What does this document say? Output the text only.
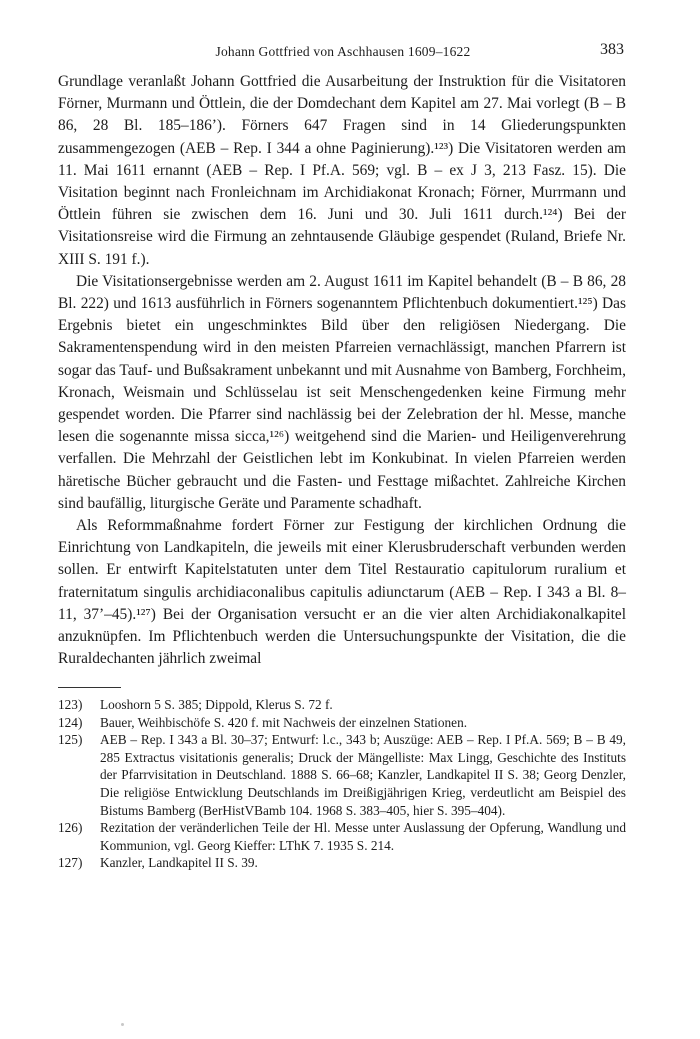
Johann Gottfried von Aschhausen 1609–1622	383

Grundlage veranlaßt Johann Gottfried die Ausarbeitung der Instruktion für die Visitatoren Förner, Murmann und Öttlein, die der Domdechant dem Kapitel am 27. Mai vorlegt (B – B 86, 28 Bl. 185–186’). Förners 647 Fragen sind in 14 Gliederungspunkten zusammengezogen (AEB – Rep. I 344 a ohne Paginierung).¹²³) Die Visitatoren werden am 11. Mai 1611 ernannt (AEB – Rep. I Pf.A. 569; vgl. B – ex J 3, 213 Fasz. 15). Die Visitation beginnt nach Fronleichnam im Archidiakonat Kronach; Förner, Murrmann und Öttlein führen sie zwischen dem 16. Juni und 30. Juli 1611 durch.¹²⁴) Bei der Visitationsreise wird die Firmung an zehntausende Gläubige gespendet (Ruland, Briefe Nr. XIII S. 191 f.).

Die Visitationsergebnisse werden am 2. August 1611 im Kapitel behandelt (B – B 86, 28 Bl. 222) und 1613 ausführlich in Förners sogenanntem Pflichtenbuch dokumentiert.¹²⁵) Das Ergebnis bietet ein ungeschminktes Bild über den religiösen Niedergang. Die Sakramentenspendung wird in den meisten Pfarreien vernachlässigt, manchen Pfarrern ist sogar das Tauf- und Bußsakrament unbekannt und mit Ausnahme von Bamberg, Forchheim, Kronach, Weismain und Schlüsselau ist seit Menschengedenken keine Firmung mehr gespendet worden. Die Pfarrer sind nachlässig bei der Zelebration der hl. Messe, manche lesen die sogenannte missa sicca,¹²⁶) weitgehend sind die Marien- und Heiligenverehrung verfallen. Die Mehrzahl der Geistlichen lebt im Konkubinat. In vielen Pfarreien werden häretische Bücher gebraucht und die Fasten- und Festtage mißachtet. Zahlreiche Kirchen sind baufällig, liturgische Geräte und Paramente schadhaft.

Als Reformmaßnahme fordert Förner zur Festigung der kirchlichen Ordnung die Einrichtung von Landkapiteln, die jeweils mit einer Klerusbruderschaft verbunden werden sollen. Er entwirft Kapitelstatuten unter dem Titel Restauratio capitulorum ruralium et fraternitatum singulis archidiaconalibus capitulis adiunctarum (AEB – Rep. I 343 a Bl. 8–11, 37’–45).¹²⁷) Bei der Organisation versucht er an die vier alten Archidiakonalkapitel anzuknüpfen. Im Pflichtenbuch werden die Untersuchungspunkte der Visitation, die die Ruraldechanten jährlich zweimal

123) Looshorn 5 S. 385; Dippold, Klerus S. 72 f.
124) Bauer, Weihbischöfe S. 420 f. mit Nachweis der einzelnen Stationen.
125) AEB – Rep. I 343 a Bl. 30–37; Entwurf: l.c., 343 b; Auszüge: AEB – Rep. I Pf.A. 569; B – B 49, 285 Extractus visitationis generalis; Druck der Mängelliste: Max Lingg, Geschichte des Instituts der Pfarrvisitation in Deutschland. 1888 S. 66–68; Kanzler, Landkapitel II S. 38; Georg Denzler, Die religiöse Entwicklung Deutschlands im Dreißigjährigen Krieg, verdeutlicht am Beispiel des Bistums Bamberg (BerHistVBamb 104. 1968 S. 383–405, hier S. 395–404).
126) Rezitation der veränderlichen Teile der Hl. Messe unter Auslassung der Opferung, Wandlung und Kommunion, vgl. Georg Kieffer: LThK 7. 1935 S. 214.
127) Kanzler, Landkapitel II S. 39.
